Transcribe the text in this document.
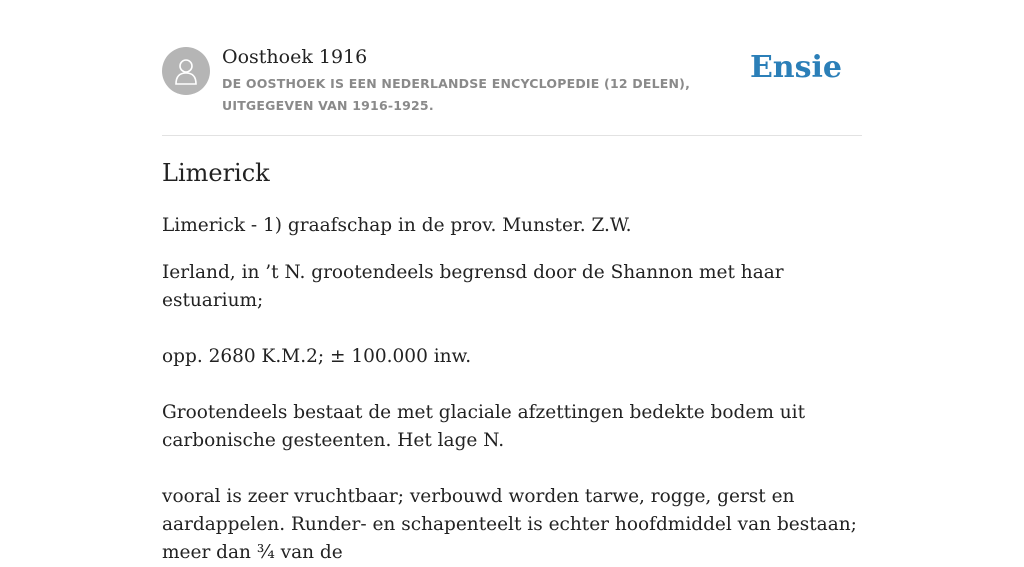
Oosthoek 1916
DE OOSTHOEK IS EEN NEDERLANDSE ENCYCLOPEDIE (12 DELEN), UITGEGEVEN VAN 1916-1925.
Ensie
Limerick

Limerick - 1) graafschap in de prov. Munster. Z.W.

Ierland, in ’t N. grootendeels begrensd door de Shannon met haar estuarium;

opp. 2680 K.M.2; ± 100.000 inw.

Grootendeels bestaat de met glaciale afzettingen bedekte bodem uit carbonische gesteenten. Het lage N.

vooral is zeer vruchtbaar; verbouwd worden tarwe, rogge, gerst en aardappelen. Runder- en schapenteelt is echter hoofdmiddel van bestaan; meer dan ¾ van de
